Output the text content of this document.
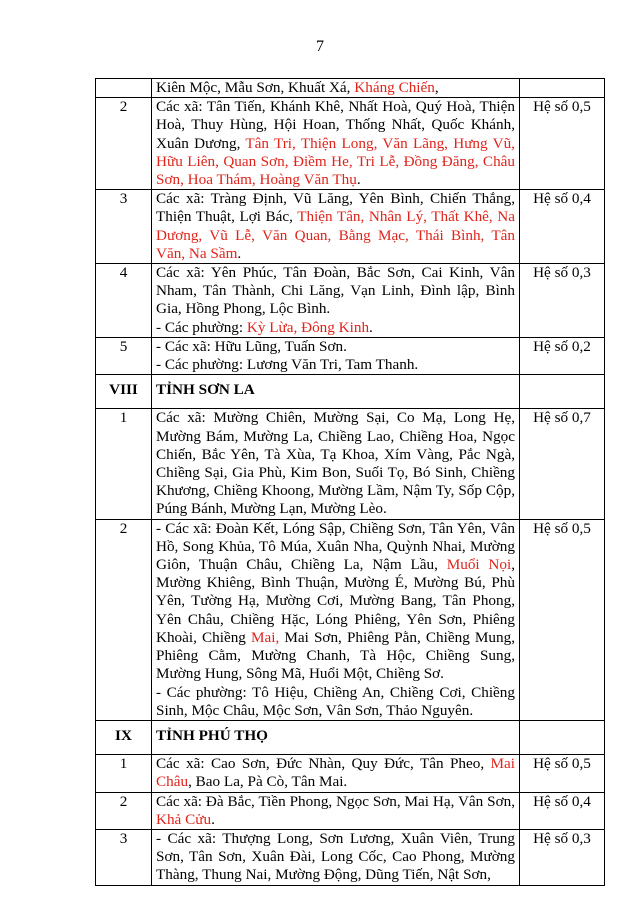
7
	Kiên Mộc, Mẫu Sơn, Khuất Xá, Kháng Chiến,	
2	Các xã: Tân Tiến, Khánh Khê, Nhất Hoà, Quý Hoà, Thiện Hoà, Thuy Hùng, Hội Hoan, Thống Nhất, Quốc Khánh, Xuân Dương, Tân Tri, Thiện Long, Văn Lãng, Hưng Vũ, Hữu Liên, Quan Sơn, Điềm He, Tri Lễ, Đồng Đăng, Châu Sơn, Hoa Thám, Hoàng Văn Thụ.	Hệ số 0,5
3	Các xã: Tràng Định, Vũ Lăng, Yên Bình, Chiến Thắng, Thiện Thuật, Lợi Bác, Thiện Tân, Nhân Lý, Thất Khê, Na Dương, Vũ Lễ, Văn Quan, Bằng Mạc, Thái Bình, Tân Văn, Na Sầm.	Hệ số 0,4
4	Các xã: Yên Phúc, Tân Đoàn, Bắc Sơn, Cai Kinh, Vân Nham, Tân Thành, Chi Lăng, Vạn Linh, Đình lập, Bình Gia, Hồng Phong, Lộc Bình.
- Các phường: Kỳ Lừa, Đông Kinh.	Hệ số 0,3
5	- Các xã: Hữu Lũng, Tuấn Sơn.
- Các phường: Lương Văn Tri, Tam Thanh.	Hệ số 0,2
VIII	TỈNH SƠN LA	
1	Các xã: Mường Chiên, Mường Sại, Co Mạ, Long Hẹ, Mường Bám, Mường La, Chiềng Lao, Chiềng Hoa, Ngọc Chiến, Bắc Yên, Tà Xùa, Tạ Khoa, Xím Vàng, Pắc Ngà, Chiềng Sại, Gia Phù, Kim Bon, Suối Tọ, Bó Sinh, Chiềng Khương, Chiềng Khoong, Mường Lầm, Nậm Ty, Sốp Cộp, Púng Bánh, Mường Lạn, Mường Lèo.	Hệ số 0,7
2	- Các xã: Đoàn Kết, Lóng Sập, Chiềng Sơn, Tân Yên, Vân Hồ, Song Khủa, Tô Múa, Xuân Nha, Quỳnh Nhai, Mường Giôn, Thuận Châu, Chiềng La, Nậm Lầu, Muổi Nọi, Mường Khiêng, Bình Thuận, Mường É, Mường Bú, Phù Yên, Tường Hạ, Mường Cơi, Mường Bang, Tân Phong, Yên Châu, Chiềng Hặc, Lóng Phiêng, Yên Sơn, Phiêng Khoài, Chiềng Mai, Mai Sơn, Phiêng Pằn, Chiềng Mung, Phiêng Cằm, Mường Chanh, Tà Hộc, Chiềng Sung, Mường Hung, Sông Mã, Huổi Một, Chiềng Sơ.
- Các phường: Tô Hiệu, Chiềng An, Chiềng Cơi, Chiềng Sinh, Mộc Châu, Mộc Sơn, Vân Sơn, Thảo Nguyên.	Hệ số 0,5
IX	TỈNH PHÚ THỌ	
1	Các xã: Cao Sơn, Đức Nhàn, Quy Đức, Tân Pheo, Mai Châu, Bao La, Pà Cò, Tân Mai.	Hệ số 0,5
2	Các xã: Đà Bắc, Tiền Phong, Ngọc Sơn, Mai Hạ, Vân Sơn, Khả Cửu.	Hệ số 0,4
3	- Các xã: Thượng Long, Sơn Lương, Xuân Viên, Trung Sơn, Tân Sơn, Xuân Đài, Long Cốc, Cao Phong, Mường Thàng, Thung Nai, Mường Động, Dũng Tiến, Nật Sơn,	Hệ số 0,3
